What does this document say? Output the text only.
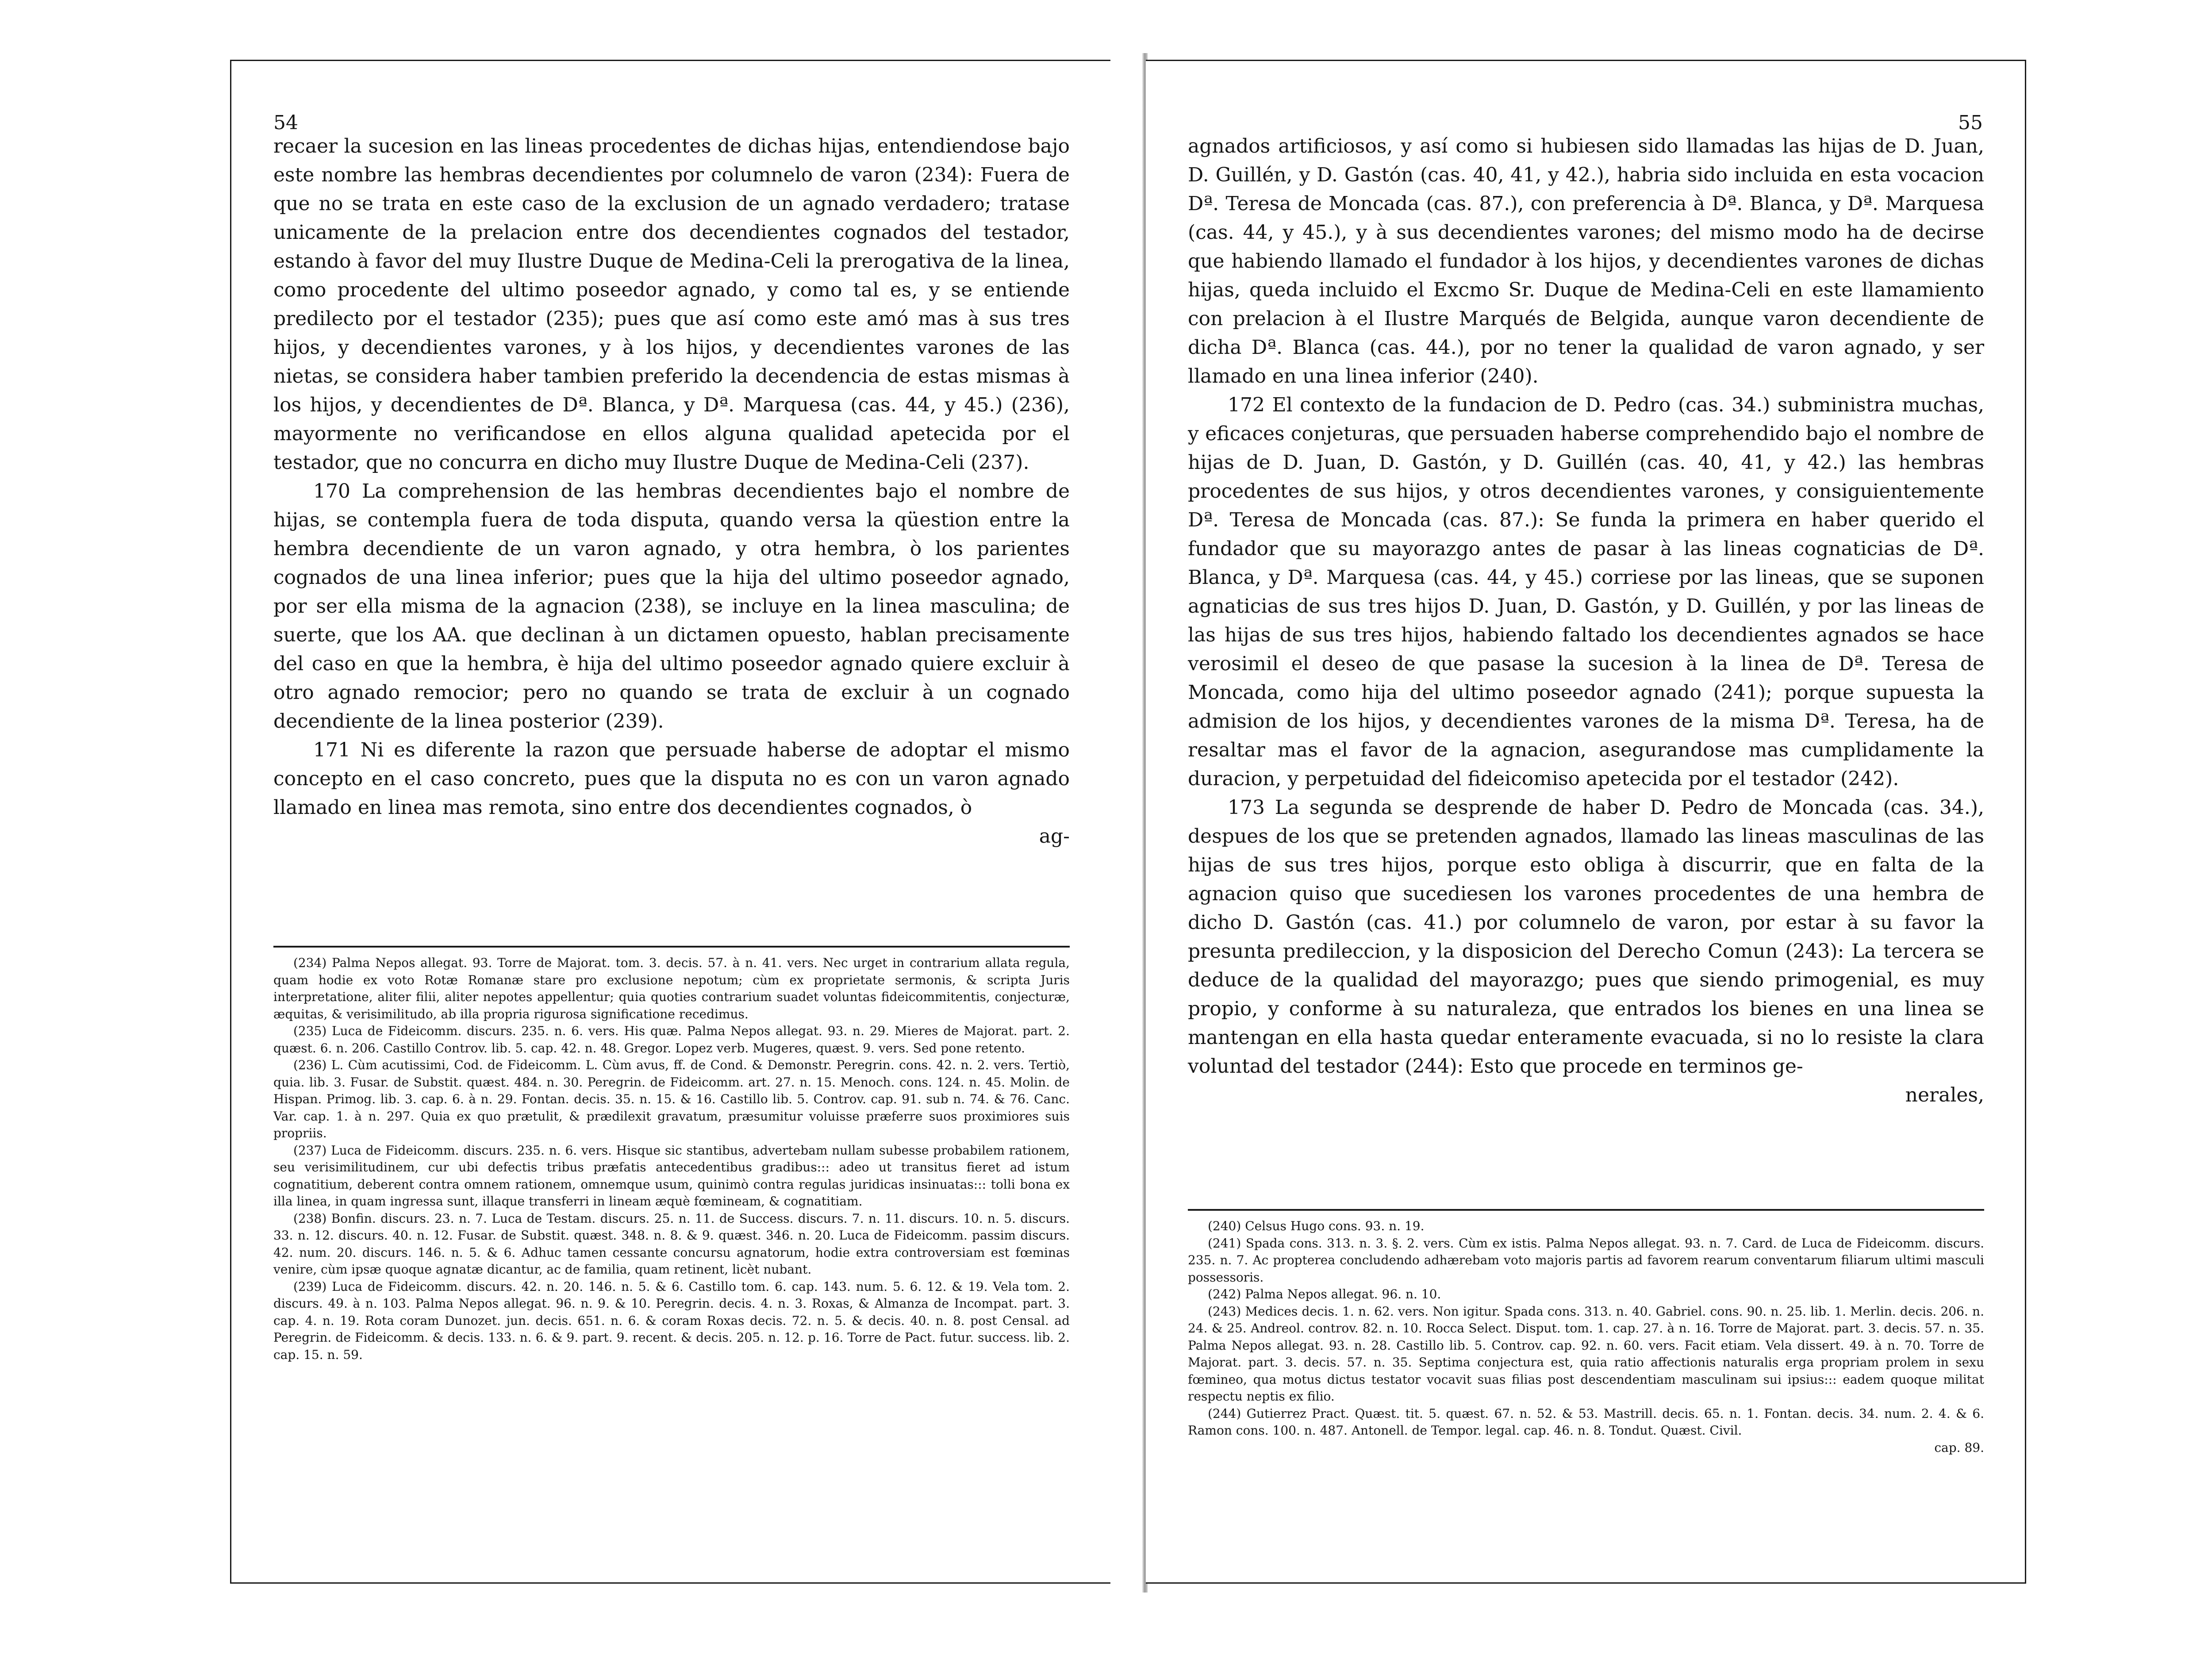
54

recaer la sucesion en las lineas procedentes de dichas hijas, entendiendose bajo este nombre las hembras decendientes por columnelo de varon (234): Fuera de que no se trata en este caso de la exclusion de un agnado verdadero; tratase unicamente de la prelacion entre dos decendientes cognados del testador, estando à favor del muy Ilustre Duque de Medina-Celi la prerogativa de la linea, como procedente del ultimo poseedor agnado, y como tal es, y se entiende predilecto por el testador (235); pues que así como este amó mas à sus tres hijos, y decendientes varones, y à los hijos, y decendientes varones de las nietas, se considera haber tambien preferido la decendencia de estas mismas à los hijos, y decendientes de Dª. Blanca, y Dª. Marquesa (cas. 44, y 45.) (236), mayormente no verificandose en ellos alguna qualidad apetecida por el testador, que no concurra en dicho muy Ilustre Duque de Medina-Celi (237).

170 La comprehension de las hembras decendientes bajo el nombre de hijas, se contempla fuera de toda disputa, quando versa la qüestion entre la hembra decendiente de un varon agnado, y otra hembra, ò los parientes cognados de una linea inferior; pues que la hija del ultimo poseedor agnado, por ser ella misma de la agnacion (238), se incluye en la linea masculina; de suerte, que los AA. que declinan à un dictamen opuesto, hablan precisamente del caso en que la hembra, è hija del ultimo poseedor agnado quiere excluir à otro agnado remocior; pero no quando se trata de excluir à un cognado decendiente de la linea posterior (239).

171 Ni es diferente la razon que persuade haberse de adoptar el mismo concepto en el caso concreto, pues que la disputa no es con un varon agnado llamado en linea mas remota, sino entre dos decendientes cognados, ò

ag-

(234) Palma Nepos allegat. 93. Torre de Majorat. tom. 3. decis. 57. à n. 41. vers. Nec urget in contrarium allata regula, quam hodie ex voto Rotæ Romanæ stare pro exclusione nepotum; cùm ex proprietate sermonis, & scripta Juris interpretatione, aliter filii, aliter nepotes appellentur; quia quoties contrarium suadet voluntas fideicommitentis, conjecturæ, æquitas, & verisimilitudo, ab illa propria rigurosa significatione recedimus.

(235) Luca de Fideicomm. discurs. 235. n. 6. vers. His quæ. Palma Nepos allegat. 93. n. 29. Mieres de Majorat. part. 2. quæst. 6. n. 206. Castillo Controv. lib. 5. cap. 42. n. 48. Gregor. Lopez verb. Mugeres, quæst. 9. vers. Sed pone retento.

(236) L. Cùm acutissimi, Cod. de Fideicomm. L. Cùm avus, ff. de Cond. & Demonstr. Peregrin. cons. 42. n. 2. vers. Tertiò, quia. lib. 3. Fusar. de Substit. quæst. 484. n. 30. Peregrin. de Fideicomm. art. 27. n. 15. Menoch. cons. 124. n. 45. Molin. de Hispan. Primog. lib. 3. cap. 6. à n. 29. Fontan. decis. 35. n. 15. & 16. Castillo lib. 5. Controv. cap. 91. sub n. 74. & 76. Canc. Var. cap. 1. à n. 297. Quia ex quo prætulit, & prædilexit gravatum, præsumitur voluisse præferre suos proximiores suis propriis.

(237) Luca de Fideicomm. discurs. 235. n. 6. vers. Hisque sic stantibus, advertebam nullam subesse probabilem rationem, seu verisimilitudinem, cur ubi defectis tribus præfatis antecedentibus gradibus::: adeo ut transitus fieret ad istum cognatitium, deberent contra omnem rationem, omnemque usum, quinimò contra regulas juridicas insinuatas::: tolli bona ex illa linea, in quam ingressa sunt, illaque transferri in lineam æquè fœmineam, & cognatitiam.

(238) Bonfin. discurs. 23. n. 7. Luca de Testam. discurs. 25. n. 11. de Success. discurs. 7. n. 11. discurs. 10. n. 5. discurs. 33. n. 12. discurs. 40. n. 12. Fusar. de Substit. quæst. 348. n. 8. & 9. quæst. 346. n. 20. Luca de Fideicomm. passim discurs. 42. num. 20. discurs. 146. n. 5. & 6. Adhuc tamen cessante concursu agnatorum, hodie extra controversiam est fœminas venire, cùm ipsæ quoque agnatæ dicantur, ac de familia, quam retinent, licèt nubant.

(239) Luca de Fideicomm. discurs. 42. n. 20. 146. n. 5. & 6. Castillo tom. 6. cap. 143. num. 5. 6. 12. & 19. Vela tom. 2. discurs. 49. à n. 103. Palma Nepos allegat. 96. n. 9. & 10. Peregrin. decis. 4. n. 3. Roxas, & Almanza de Incompat. part. 3. cap. 4. n. 19. Rota coram Dunozet. jun. decis. 651. n. 6. & coram Roxas decis. 72. n. 5. & decis. 40. n. 8. post Censal. ad Peregrin. de Fideicomm. & decis. 133. n. 6. & 9. part. 9. recent. & decis. 205. n. 12. p. 16. Torre de Pact. futur. success. lib. 2. cap. 15. n. 59.

55

agnados artificiosos, y así como si hubiesen sido llamadas las hijas de D. Juan, D. Guillén, y D. Gastón (cas. 40, 41, y 42.), habria sido incluida en esta vocacion Dª. Teresa de Moncada (cas. 87.), con preferencia à Dª. Blanca, y Dª. Marquesa (cas. 44, y 45.), y à sus decendientes varones; del mismo modo ha de decirse que habiendo llamado el fundador à los hijos, y decendientes varones de dichas hijas, queda incluido el Excmo Sr. Duque de Medina-Celi en este llamamiento con prelacion à el Ilustre Marqués de Belgida, aunque varon decendiente de dicha Dª. Blanca (cas. 44.), por no tener la qualidad de varon agnado, y ser llamado en una linea inferior (240).

172 El contexto de la fundacion de D. Pedro (cas. 34.) subministra muchas, y eficaces conjeturas, que persuaden haberse comprehendido bajo el nombre de hijas de D. Juan, D. Gastón, y D. Guillén (cas. 40, 41, y 42.) las hembras procedentes de sus hijos, y otros decendientes varones, y consiguientemente Dª. Teresa de Moncada (cas. 87.): Se funda la primera en haber querido el fundador que su mayorazgo antes de pasar à las lineas cognaticias de Dª. Blanca, y Dª. Marquesa (cas. 44, y 45.) corriese por las lineas, que se suponen agnaticias de sus tres hijos D. Juan, D. Gastón, y D. Guillén, y por las lineas de las hijas de sus tres hijos, habiendo faltado los decendientes agnados se hace verosimil el deseo de que pasase la sucesion à la linea de Dª. Teresa de Moncada, como hija del ultimo poseedor agnado (241); porque supuesta la admision de los hijos, y decendientes varones de la misma Dª. Teresa, ha de resaltar mas el favor de la agnacion, asegurandose mas cumplidamente la duracion, y perpetuidad del fideicomiso apetecida por el testador (242).

173 La segunda se desprende de haber D. Pedro de Moncada (cas. 34.), despues de los que se pretenden agnados, llamado las lineas masculinas de las hijas de sus tres hijos, porque esto obliga à discurrir, que en falta de la agnacion quiso que sucediesen los varones procedentes de una hembra de dicho D. Gastón (cas. 41.) por columnelo de varon, por estar à su favor la presunta predileccion, y la disposicion del Derecho Comun (243): La tercera se deduce de la qualidad del mayorazgo; pues que siendo primogenial, es muy propio, y conforme à su naturaleza, que entrados los bienes en una linea se mantengan en ella hasta quedar enteramente evacuada, si no lo resiste la clara voluntad del testador (244): Esto que procede en terminos ge-

nerales,

(240) Celsus Hugo cons. 93. n. 19.

(241) Spada cons. 313. n. 3. §. 2. vers. Cùm ex istis. Palma Nepos allegat. 93. n. 7. Card. de Luca de Fideicomm. discurs. 235. n. 7. Ac propterea concludendo adhærebam voto majoris partis ad favorem rearum conventarum filiarum ultimi masculi possessoris.

(242) Palma Nepos allegat. 96. n. 10.

(243) Medices decis. 1. n. 62. vers. Non igitur. Spada cons. 313. n. 40. Gabriel. cons. 90. n. 25. lib. 1. Merlin. decis. 206. n. 24. & 25. Andreol. controv. 82. n. 10. Rocca Select. Disput. tom. 1. cap. 27. à n. 16. Torre de Majorat. part. 3. decis. 57. n. 35. Palma Nepos allegat. 93. n. 28. Castillo lib. 5. Controv. cap. 92. n. 60. vers. Facit etiam. Vela dissert. 49. à n. 70. Torre de Majorat. part. 3. decis. 57. n. 35. Septima conjectura est, quia ratio affectionis naturalis erga propriam prolem in sexu fœmineo, qua motus dictus testator vocavit suas filias post descendentiam masculinam sui ipsius::: eadem quoque militat respectu neptis ex filio.

(244) Gutierrez Pract. Quæst. tit. 5. quæst. 67. n. 52. & 53. Mastrill. decis. 65. n. 1. Fontan. decis. 34. num. 2. 4. & 6. Ramon cons. 100. n. 487. Antonell. de Tempor. legal. cap. 46. n. 8. Tondut. Quæst. Civil.

cap. 89.
